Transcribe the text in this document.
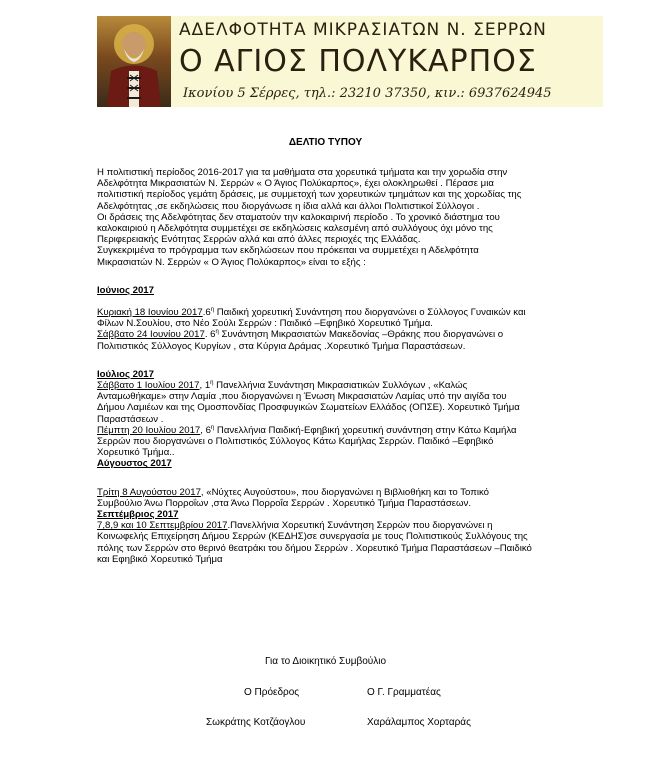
ΑΔΕΛΦΟΤΗΤΑ ΜΙΚΡΑΣΙΑΤΩΝ Ν. ΣΕΡΡΩΝ
Ο ΑΓΙΟΣ ΠΟΛΥΚΑΡΠΟΣ
Ικονίου 5 Σέρρες, τηλ.: 23210 37350, κιν.: 6937624945
ΔΕΛΤΙΟ ΤΥΠΟΥ

Η πολιτιστική περίοδος 2016-2017 για τα μαθήματα στα χορευτικά τμήματα και την χορωδία στην

Αδελφότητα Μικρασιατών Ν. Σερρών « Ο Άγιος Πολύκαρπος», έχει ολοκληρωθεί . Πέρασε μια

πολιτιστική περίοδος γεμάτη δράσεις, με συμμετοχή των χορευτικών τμημάτων και της χορωδίας της

Αδελφότητας ,σε εκδηλώσεις που διοργάνωσε η ίδια αλλά και άλλοι Πολιτιστικοί Σύλλογοι .

Οι δράσεις της Αδελφότητας δεν σταματούν την καλοκαιρινή περίοδο . Το χρονικό διάστημα του

καλοκαιριού η Αδελφότητα συμμετέχει σε εκδηλώσεις καλεσμένη από συλλόγους όχι μόνο της

Περιφερειακής Ενότητας Σερρών αλλά και από άλλες περιοχές της Ελλάδας.

Συγκεκριμένα το πρόγραμμα των εκδηλώσεων που πρόκειται να συμμετέχει η Αδελφότητα

Μικρασιατών Ν. Σερρών « Ο Άγιος Πολύκαρπος» είναι το εξής :

Ιούνιος 2017

Κυριακή 18 Ιουνίου $2017.6^\eta$ Παιδική χορευτική Συνάντηση που διοργανώνει ο Σύλλογος Γυναικών και

Φίλων Ν.Σουλίου, στο Νέο Σούλι Σερρών : Παιδικό –Εφηβικό Χορευτικό Τμήμα.

Σάββατο 24 Ιουνίου 2017. $6^\eta$ Συνάντηση Μικρασιατών Μακεδονίας –Θράκης που διοργανώνει ο

Πολιτιστικός Σύλλογος Κυργίων , στα Κύργια Δράμας .Χορευτικό Τμήμα Παραστάσεων.

Ιούλιος 2017

Σάββατο 1 Ιουλίου 2017, $1^\eta$ Πανελλήνια Συνάντηση Μικρασιατικών Συλλόγων , «Καλώς

Ανταμωθήκαμε» στην Λαμία ,που διοργανώνει η Ένωση Μικρασιατών Λαμίας υπό την αιγίδα του

Δήμου Λαμιέων και της Ομοσπονδίας Προσφυγικών Σωματείων Ελλάδος (ΟΠΣΕ). Χορευτικό Τμήμα

Παραστάσεων .

Πέμπτη 20 Ιουλίου 2017, $6^\eta$ Πανελλήνια Παιδική-Εφηβική χορευτική συνάντηση στην Κάτω Καμήλα

Σερρών που διοργανώνει ο Πολιτιστικός Σύλλογος Κάτω Καμήλας Σερρών. Παιδικό –Εφηβικό

Χορευτικό Τμήμα..

Αύγουστος 2017

Τρίτη 8 Αυγούστου 2017, «Νύχτες Αυγούστου», που διοργανώνει η Βιβλιοθήκη και το Τοπικό

Συμβούλιο Άνω Πορροΐων ,στα Άνω Πορροΐα Σερρών . Χορευτικό Τμήμα Παραστάσεων.

Σεπτέμβριος 2017

7,8,9 και 10 Σεπτεμβρίου 2017.Πανελλήνια Χορευτική Συνάντηση Σερρών που διοργανώνει η

Κοινωφελής Επιχείρηση Δήμου Σερρών (ΚΕΔΗΣ)σε συνεργασία με τους Πολιτιστικούς Συλλόγους της

πόλης των Σερρών στο θερινό θεατράκι του δήμου Σερρών . Χορευτικό Τμήμα Παραστάσεων –Παιδικό

και Εφηβικό Χορευτικό Τμήμα

Για το Διοικητικό Συμβούλιο
Ο Πρόεδρος	Ο Γ. Γραμματέας
Σωκράτης Κοτζάογλου	Χαράλαμπος Χορταράς
